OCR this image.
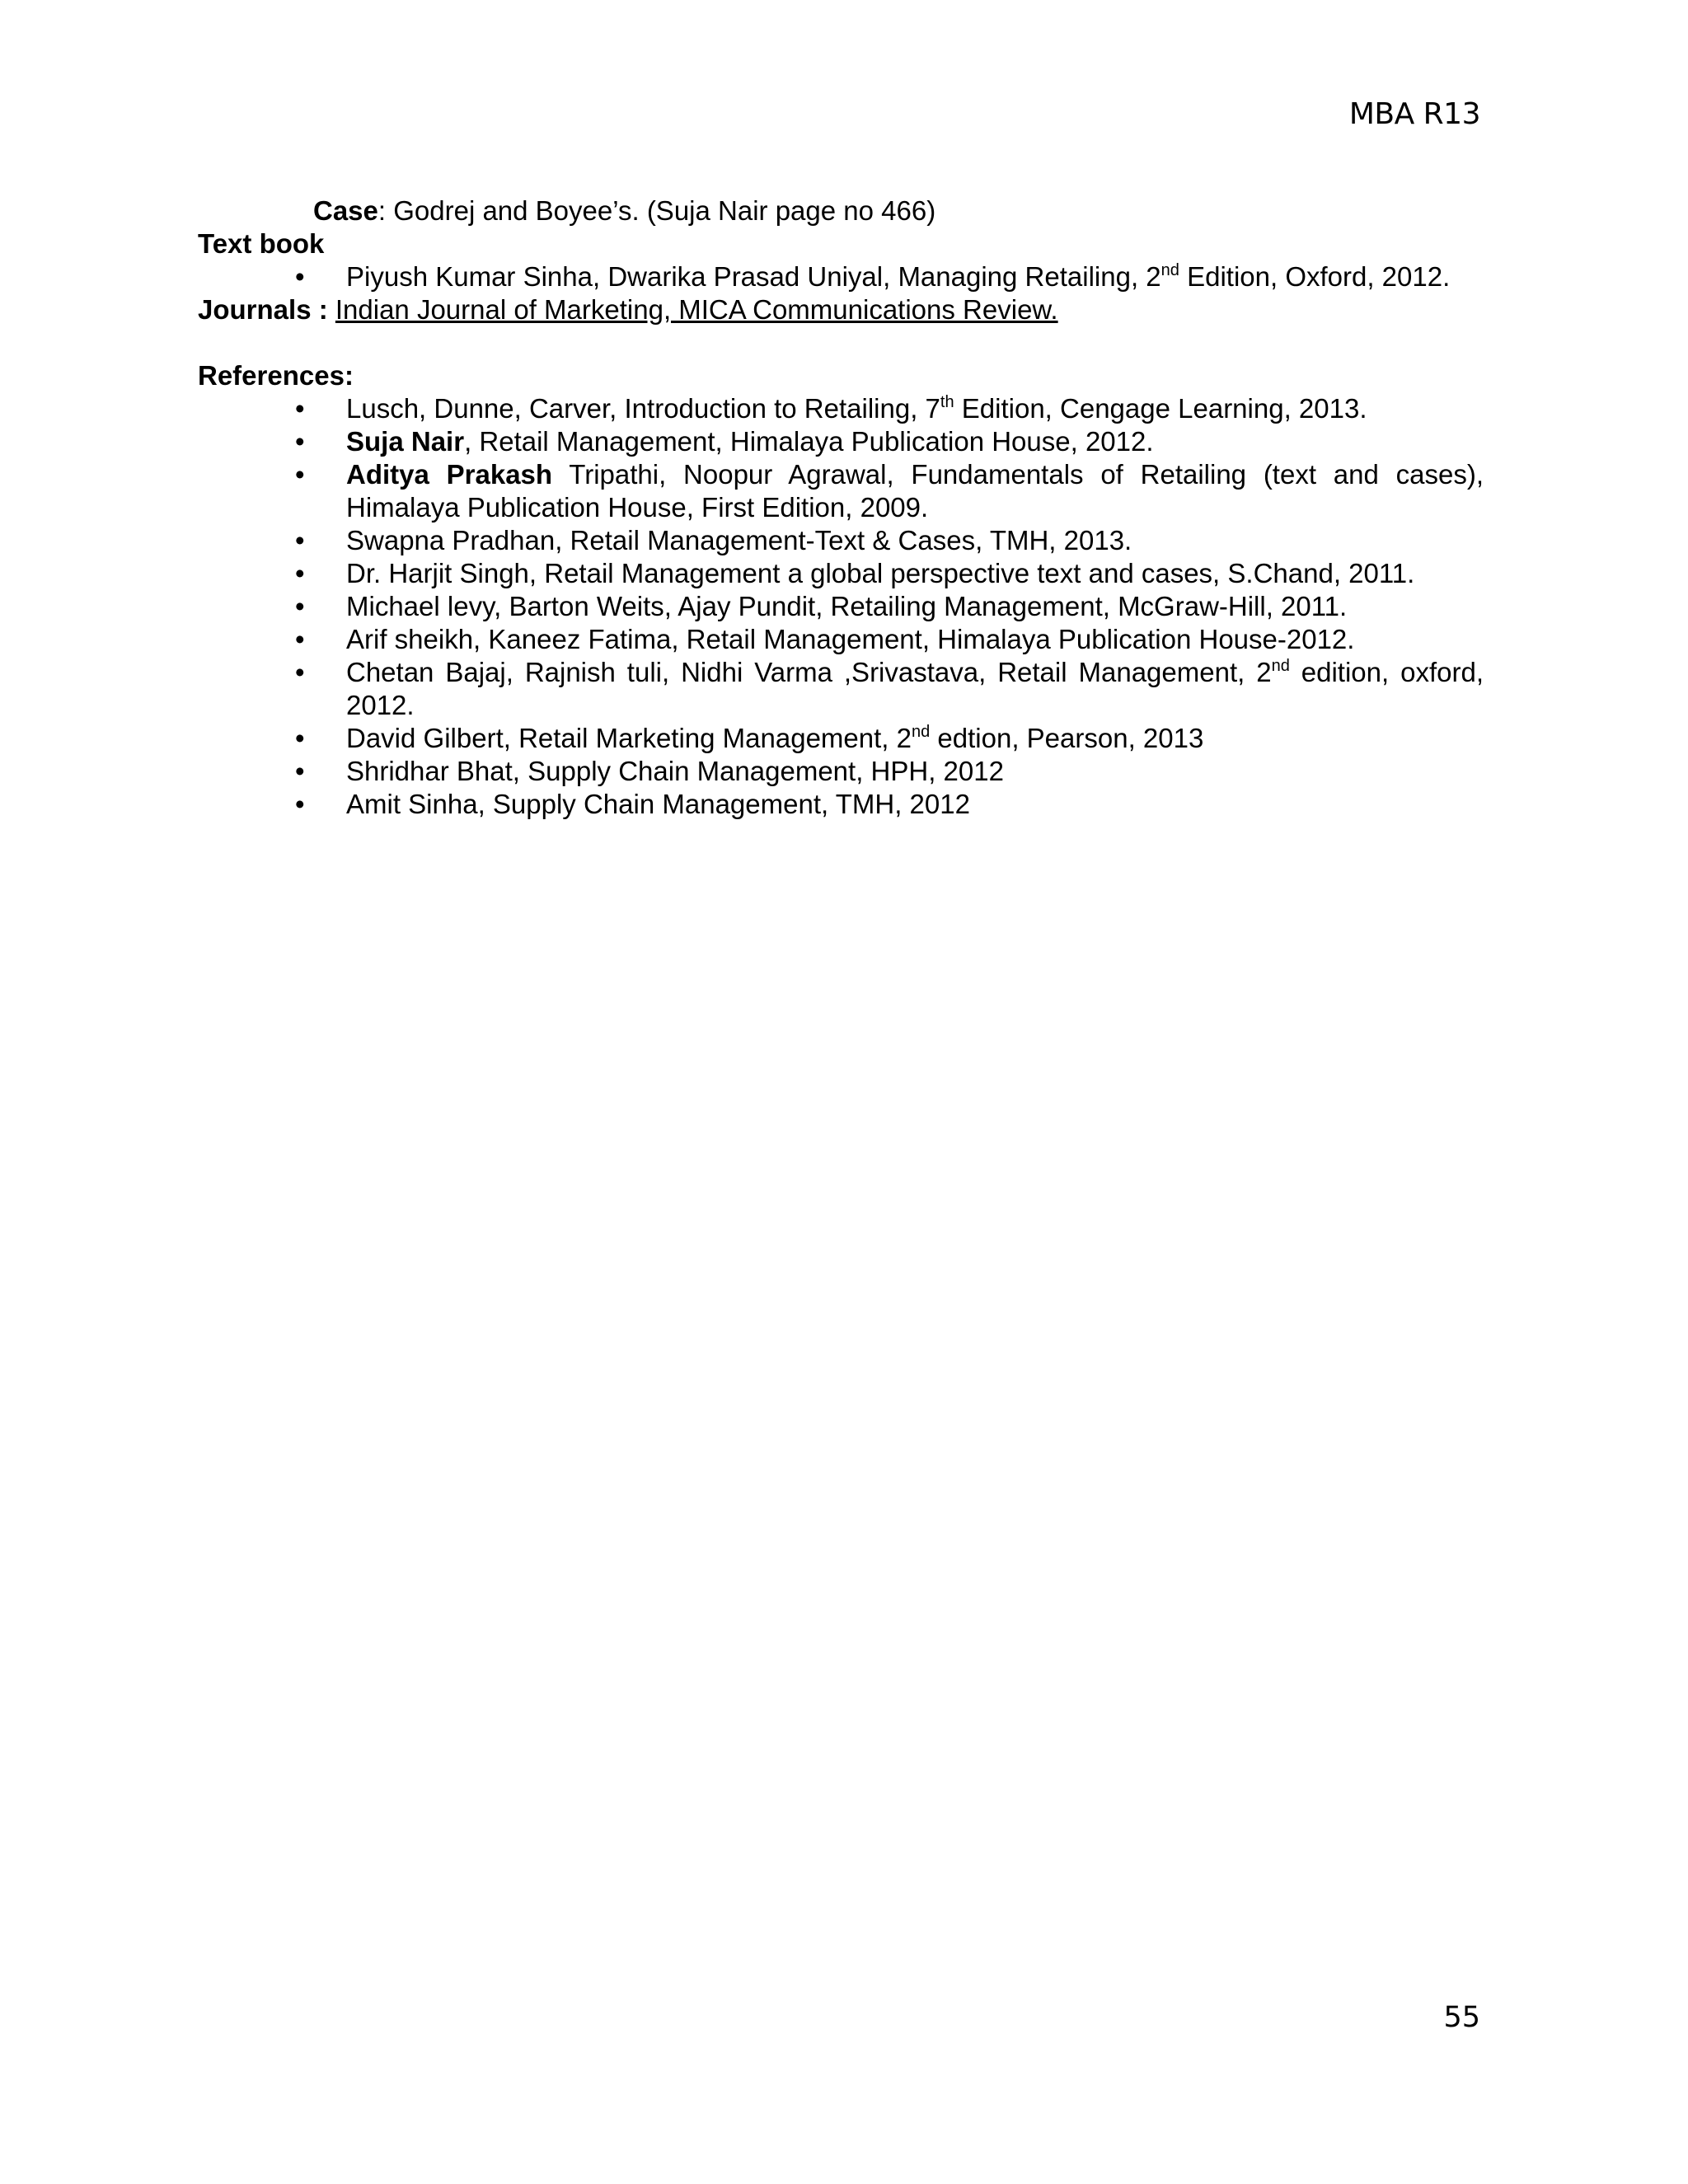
MBA R13

Case: Godrej and Boyee’s. (Suja Nair page no 466)

Text book

• Piyush Kumar Sinha, Dwarika Prasad Uniyal, Managing Retailing, 2nd Edition, Oxford, 2012.

Journals : Indian Journal of Marketing, MICA Communications Review.

References:

• Lusch, Dunne, Carver, Introduction to Retailing, 7th Edition, Cengage Learning, 2013.
• Suja Nair, Retail Management, Himalaya Publication House, 2012.
• Aditya Prakash Tripathi, Noopur Agrawal, Fundamentals of Retailing (text and cases), Himalaya Publication House, First Edition, 2009.
• Swapna Pradhan, Retail Management-Text & Cases, TMH, 2013.
• Dr. Harjit Singh, Retail Management a global perspective text and cases, S.Chand, 2011.
• Michael levy, Barton Weits, Ajay Pundit, Retailing Management, McGraw-Hill, 2011.
• Arif sheikh, Kaneez Fatima, Retail Management, Himalaya Publication House-2012.
• Chetan Bajaj, Rajnish tuli, Nidhi Varma ,Srivastava, Retail Management, 2nd edition, oxford, 2012.
• David Gilbert, Retail Marketing Management, 2nd edtion, Pearson, 2013
• Shridhar Bhat, Supply Chain Management, HPH, 2012
• Amit Sinha, Supply Chain Management, TMH, 2012
55
